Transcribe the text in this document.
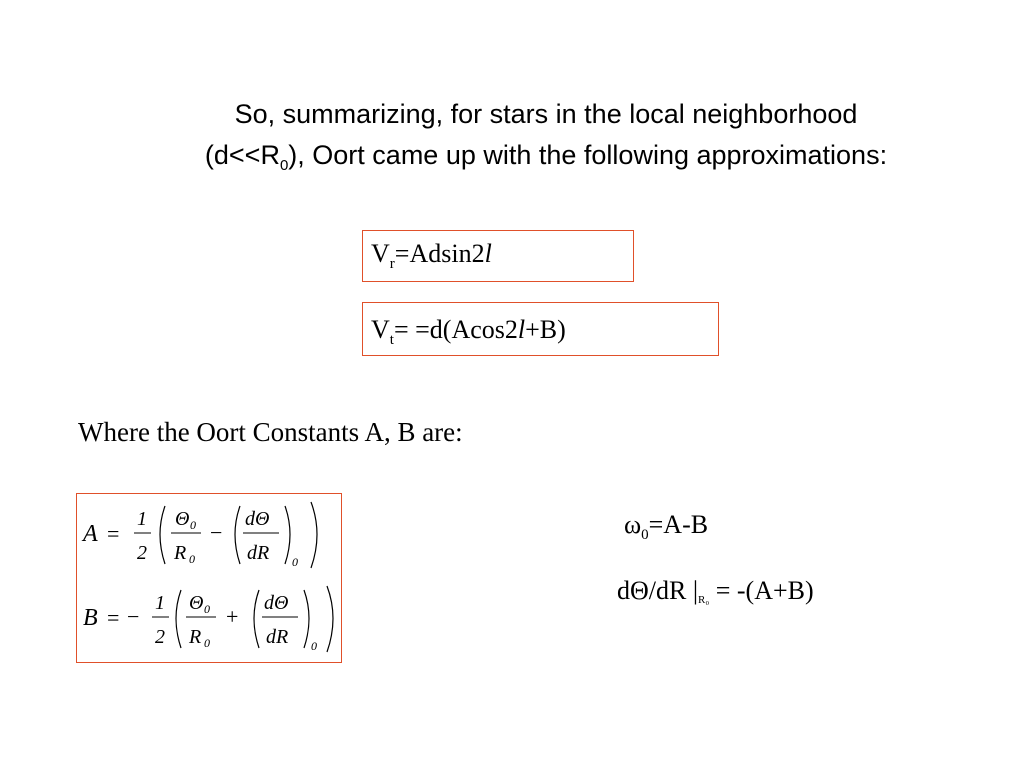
So, summarizing, for stars in the local neighborhood
$(d<<R_0)$, Oort came up with the following approximations:
$V_r=Adsin2l$
$V_t= =d(Acos2l+B)$
Where the Oort Constants A, B are:
A =
1
2
Θ 0
R 0
−
dΘ
dR 0
B = −
1
2
Θ 0
R 0
+
dΘ
dR 0
$\omega_0=A-B$
dΘ/dR |R₀ = -(A+B)
